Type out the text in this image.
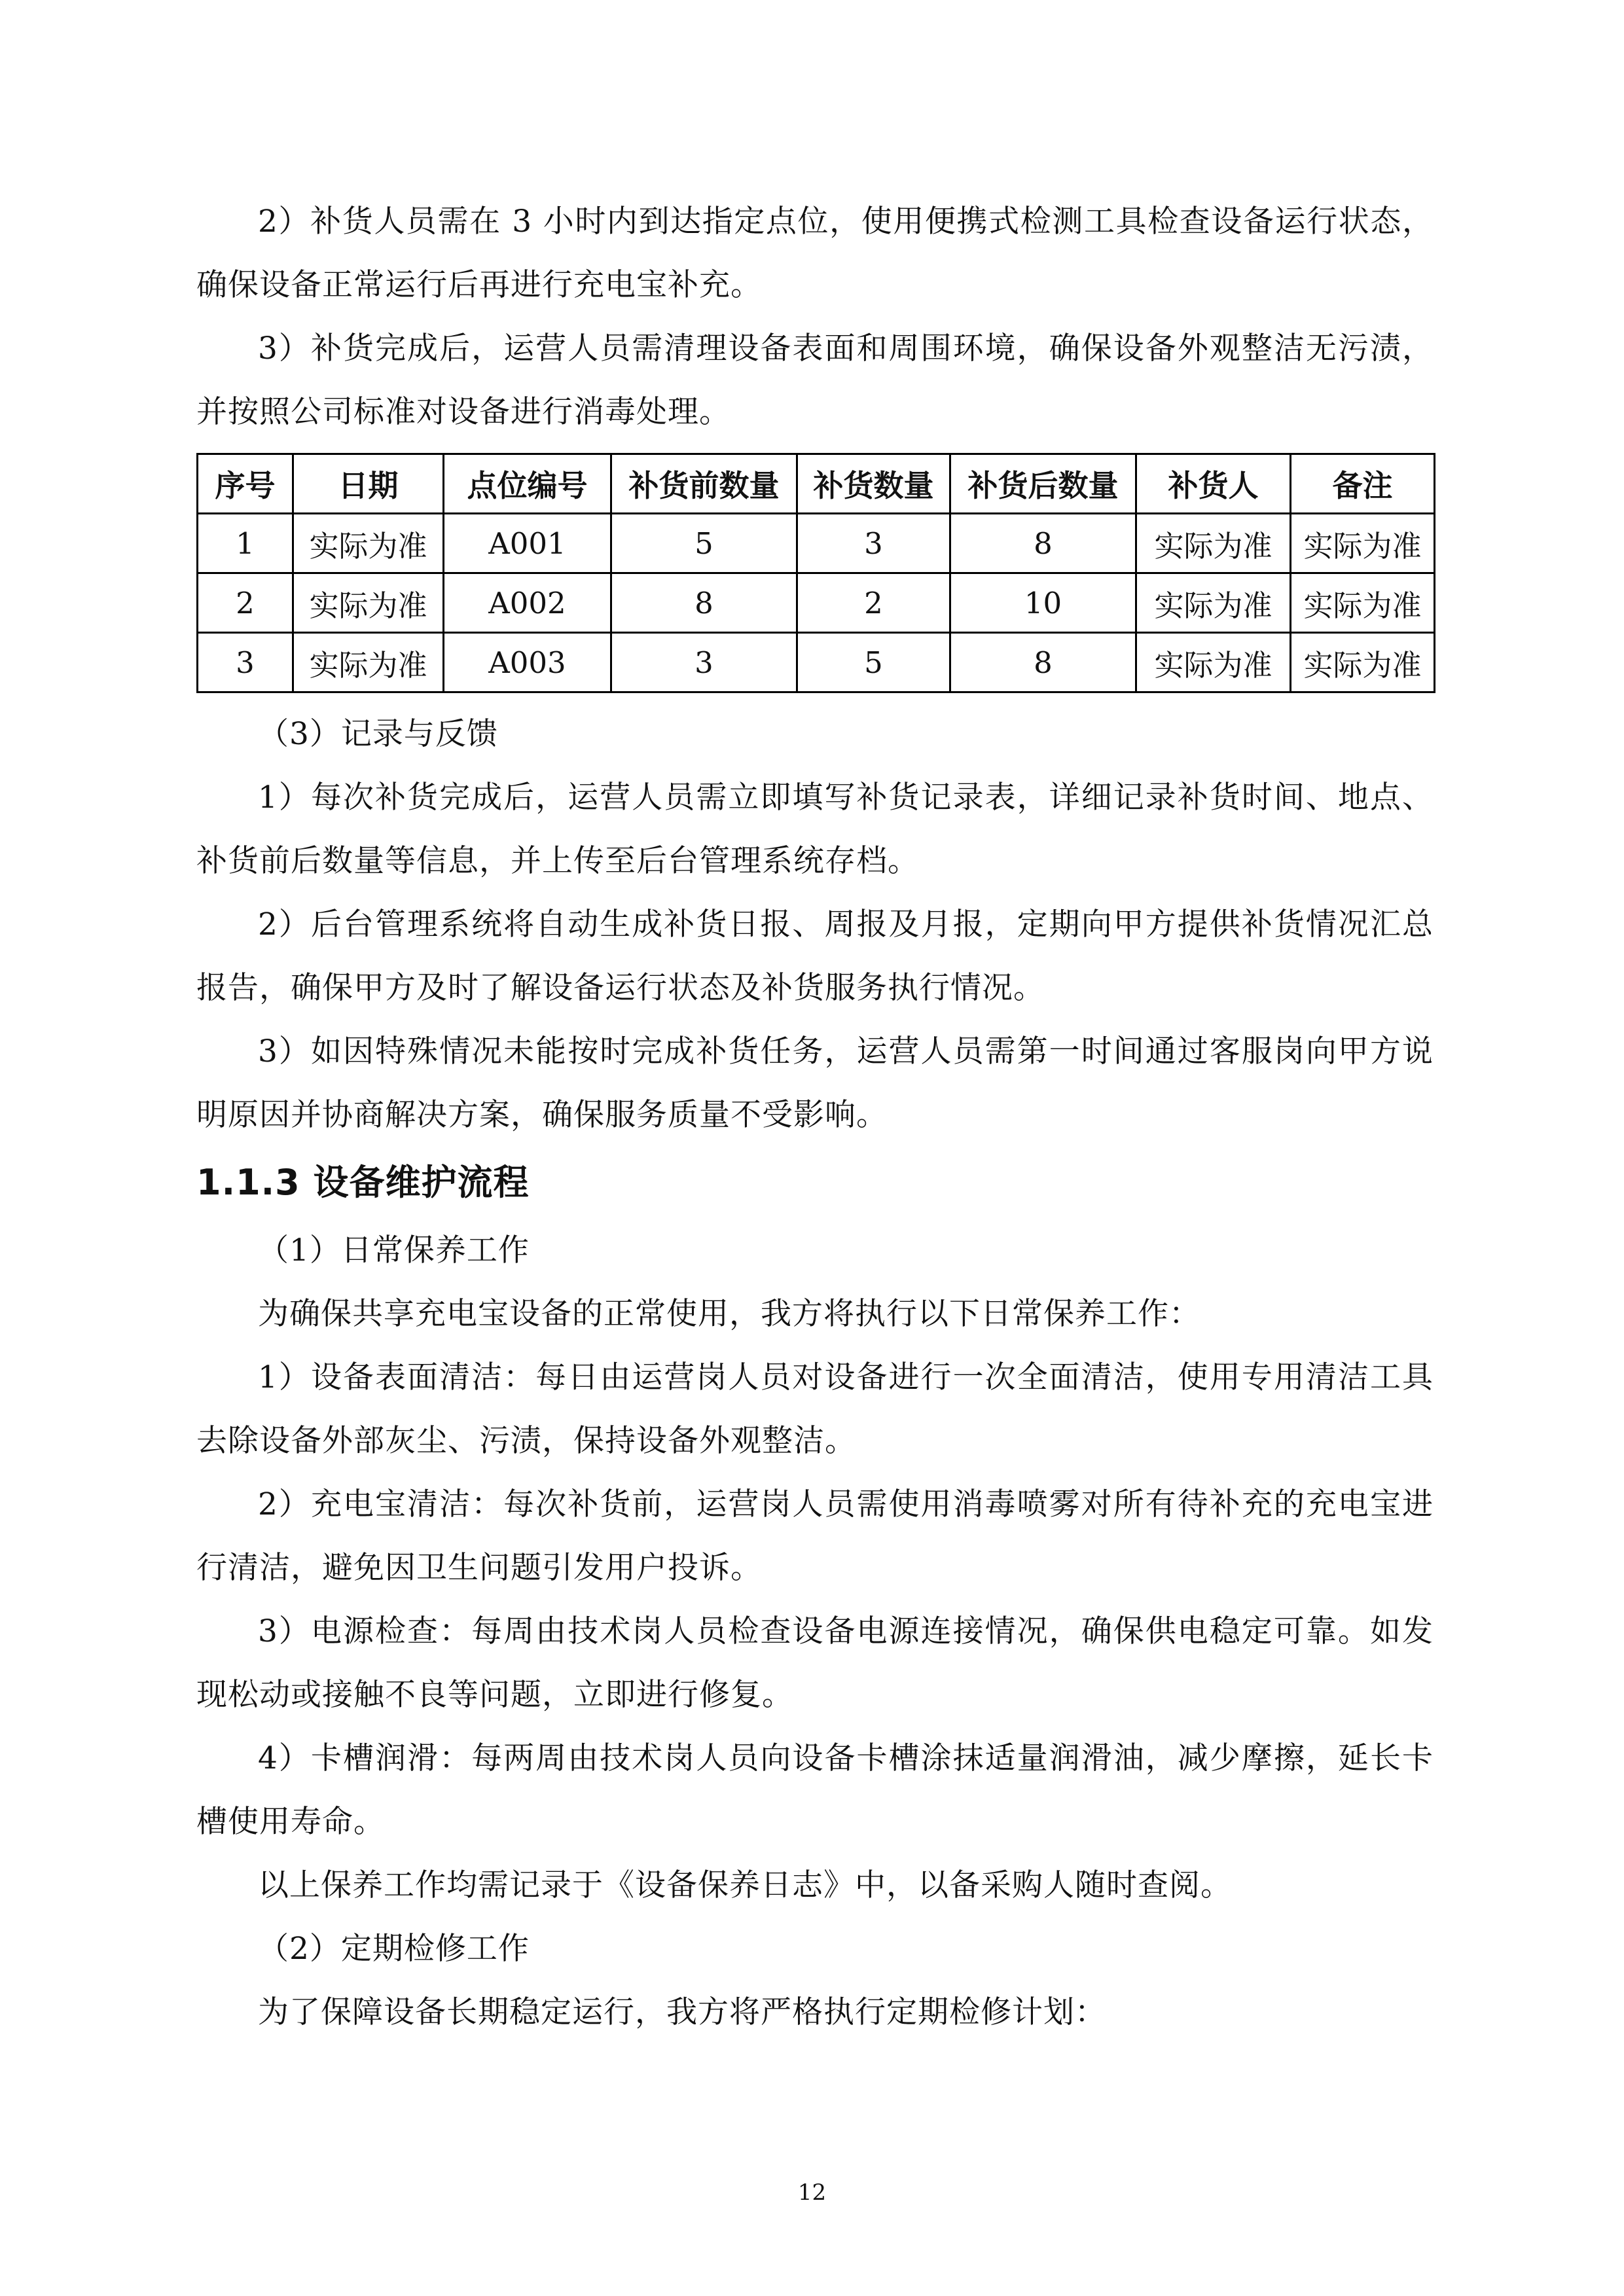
2）补货人员需在 3 小时内到达指定点位，使用便携式检测工具检查设备运行状态，确保设备正常运行后再进行充电宝补充。

3）补货完成后，运营人员需清理设备表面和周围环境，确保设备外观整洁无污渍，并按照公司标准对设备进行消毒处理。

序号	日期	点位编号	补货前数量	补货数量	补货后数量	补货人	备注
1	实际为准	A001	5	3	8	实际为准	实际为准
2	实际为准	A002	8	2	10	实际为准	实际为准
3	实际为准	A003	3	5	8	实际为准	实际为准

（3）记录与反馈

1）每次补货完成后，运营人员需立即填写补货记录表，详细记录补货时间、地点、补货前后数量等信息，并上传至后台管理系统存档。

2）后台管理系统将自动生成补货日报、周报及月报，定期向甲方提供补货情况汇总报告，确保甲方及时了解设备运行状态及补货服务执行情况。

3）如因特殊情况未能按时完成补货任务，运营人员需第一时间通过客服岗向甲方说明原因并协商解决方案，确保服务质量不受影响。

1.1.3 设备维护流程

（1）日常保养工作

为确保共享充电宝设备的正常使用，我方将执行以下日常保养工作：

1）设备表面清洁：每日由运营岗人员对设备进行一次全面清洁，使用专用清洁工具去除设备外部灰尘、污渍，保持设备外观整洁。

2）充电宝清洁：每次补货前，运营岗人员需使用消毒喷雾对所有待补充的充电宝进行清洁，避免因卫生问题引发用户投诉。

3）电源检查：每周由技术岗人员检查设备电源连接情况，确保供电稳定可靠。如发现松动或接触不良等问题，立即进行修复。

4）卡槽润滑：每两周由技术岗人员向设备卡槽涂抹适量润滑油，减少摩擦，延长卡槽使用寿命。

以上保养工作均需记录于《设备保养日志》中，以备采购人随时查阅。

（2）定期检修工作

为了保障设备长期稳定运行，我方将严格执行定期检修计划：

12
